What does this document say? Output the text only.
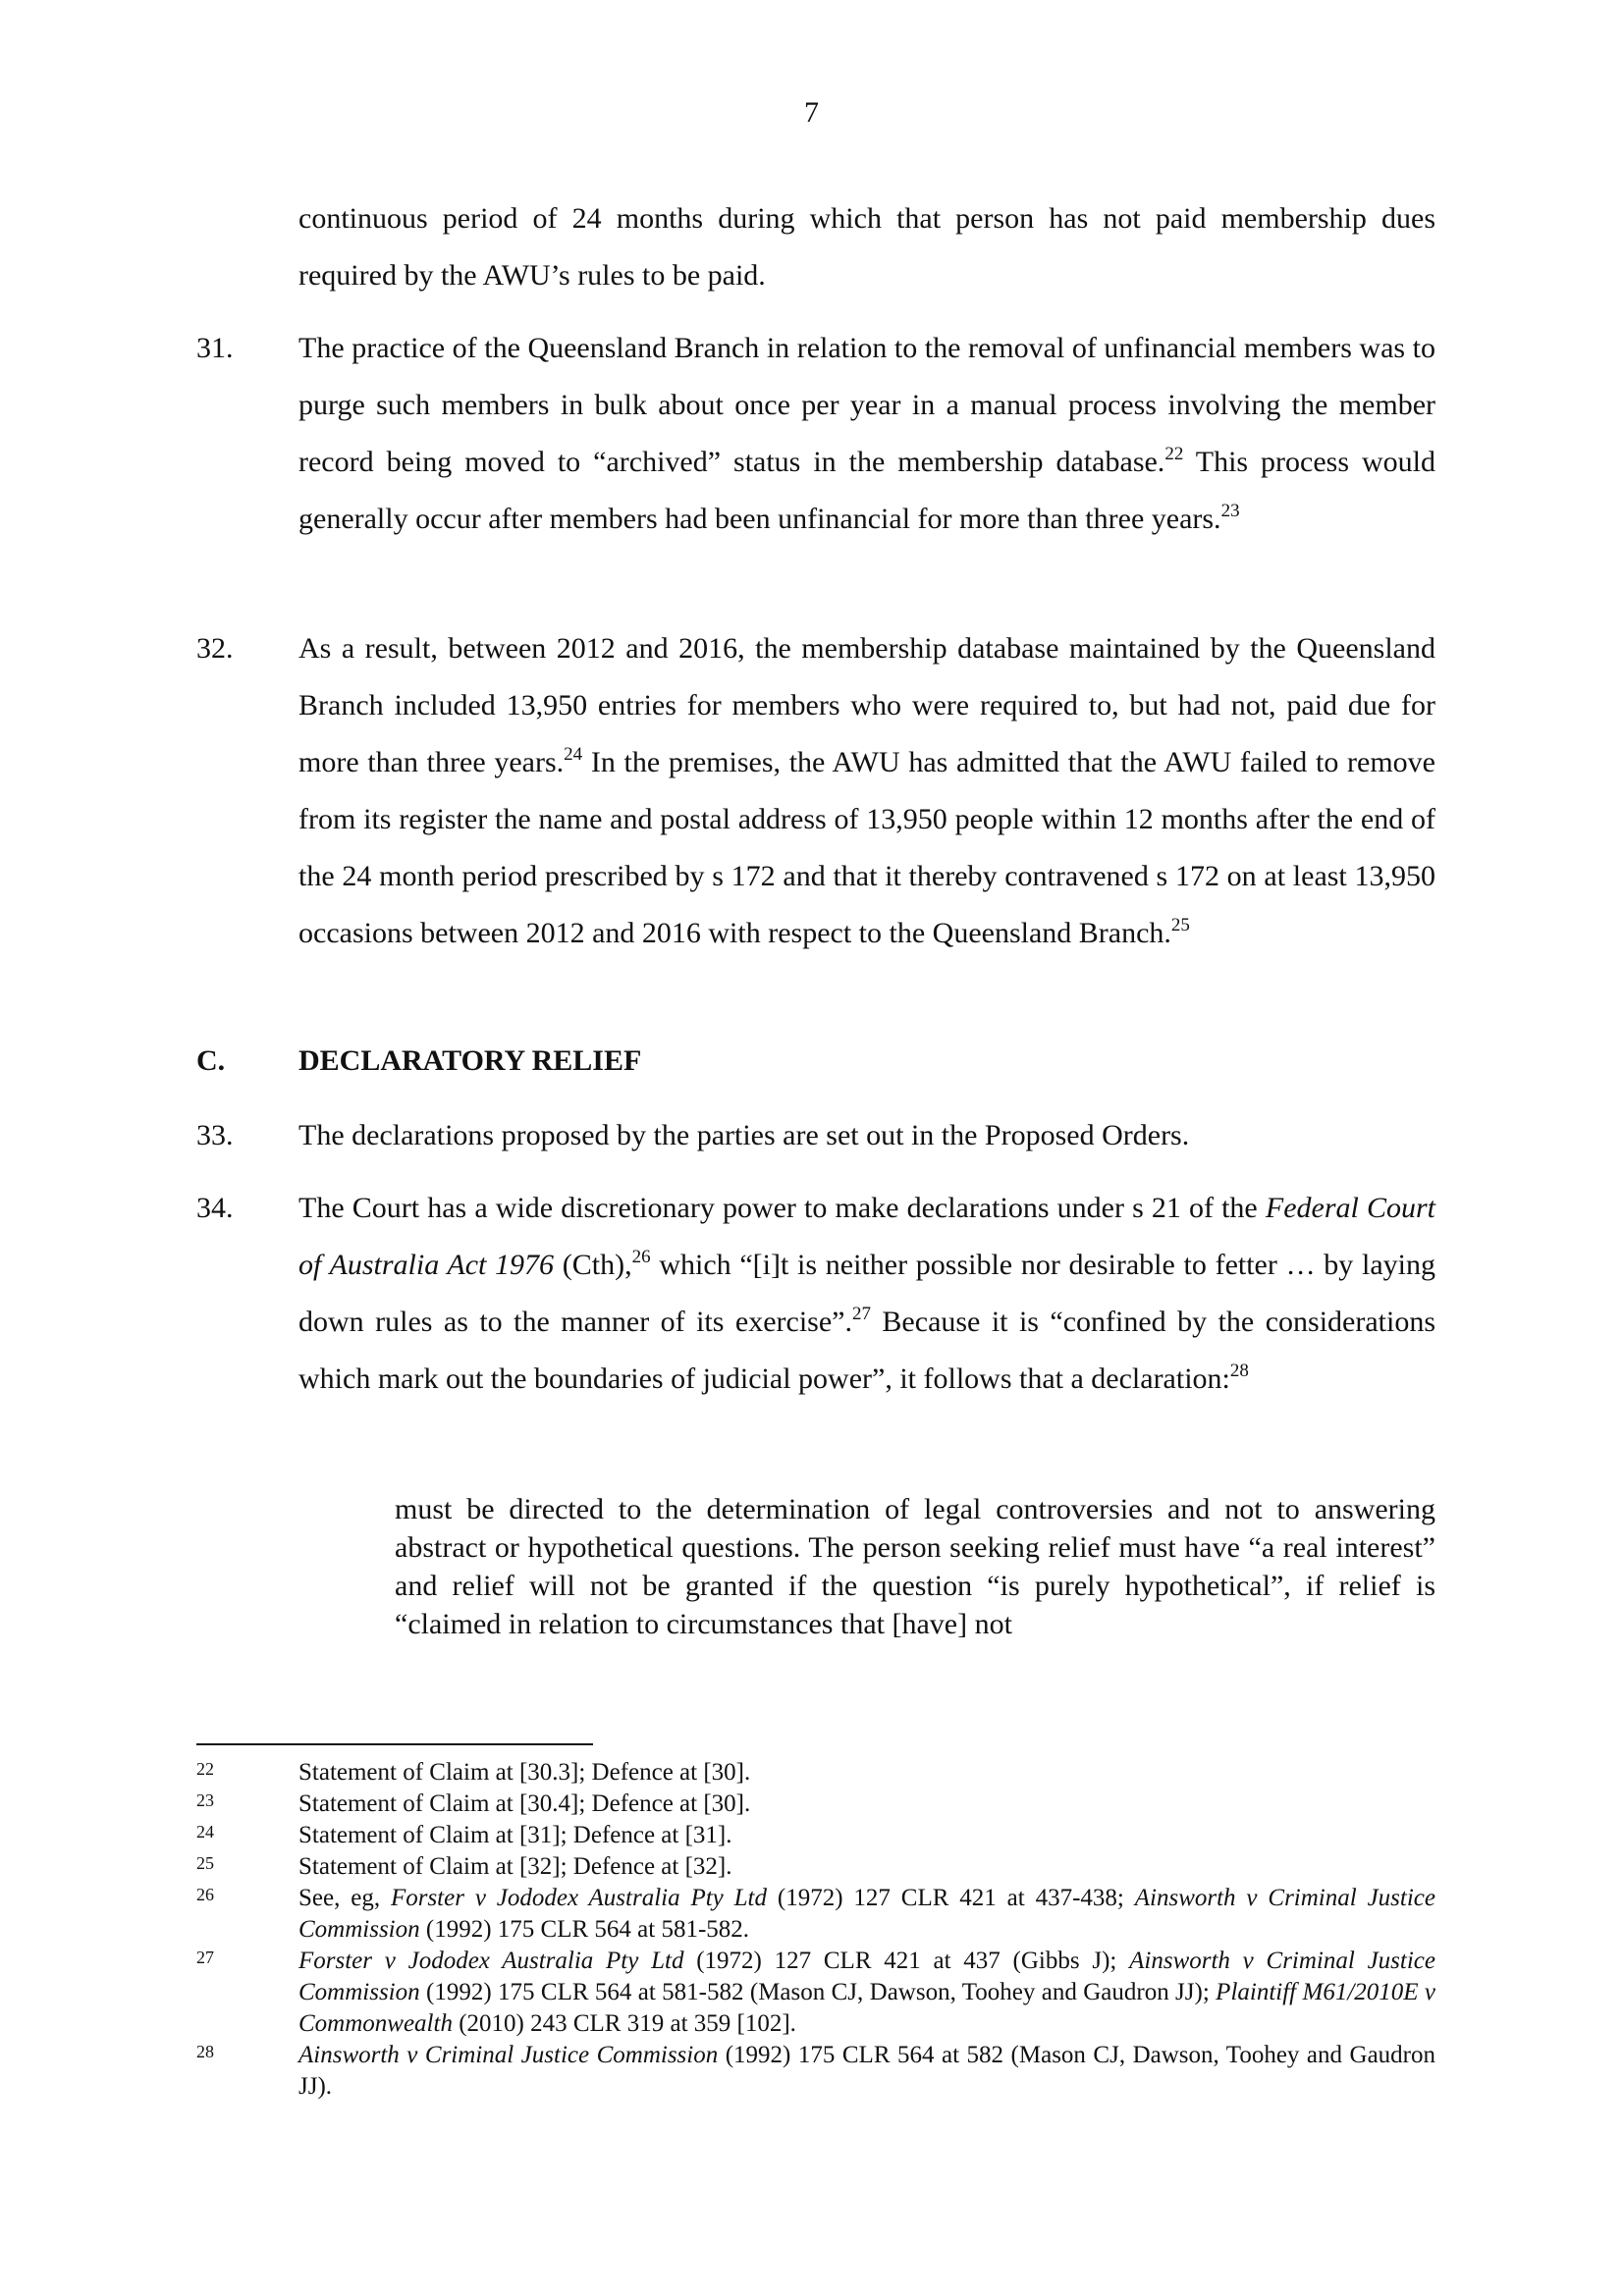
7
continuous period of 24 months during which that person has not paid membership dues required by the AWU’s rules to be paid.
31. The practice of the Queensland Branch in relation to the removal of unfinancial members was to purge such members in bulk about once per year in a manual process involving the member record being moved to “archived” status in the membership database.$^{22}$ This process would generally occur after members had been unfinancial for more than three years.$^{23}$
32. As a result, between 2012 and 2016, the membership database maintained by the Queensland Branch included 13,950 entries for members who were required to, but had not, paid due for more than three years.$^{24}$ In the premises, the AWU has admitted that the AWU failed to remove from its register the name and postal address of 13,950 people within 12 months after the end of the 24 month period prescribed by s 172 and that it thereby contravened s 172 on at least 13,950 occasions between 2012 and 2016 with respect to the Queensland Branch.$^{25}$
C. DECLARATORY RELIEF
33. The declarations proposed by the parties are set out in the Proposed Orders.
34. The Court has a wide discretionary power to make declarations under s 21 of the Federal Court of Australia Act 1976 (Cth),$^{26}$ which “[i]t is neither possible nor desirable to fetter … by laying down rules as to the manner of its exercise”.$^{27}$ Because it is “confined by the considerations which mark out the boundaries of judicial power”, it follows that a declaration:$^{28}$
must be directed to the determination of legal controversies and not to answering abstract or hypothetical questions. The person seeking relief must have “a real interest” and relief will not be granted if the question “is purely hypothetical”, if relief is “claimed in relation to circumstances that [have] not
22	Statement of Claim at [30.3]; Defence at [30].
23	Statement of Claim at [30.4]; Defence at [30].
24	Statement of Claim at [31]; Defence at [31].
25	Statement of Claim at [32]; Defence at [32].
26	See, eg, Forster v Jododex Australia Pty Ltd (1972) 127 CLR 421 at 437-438; Ainsworth v Criminal Justice Commission (1992) 175 CLR 564 at 581-582.
27	Forster v Jododex Australia Pty Ltd (1972) 127 CLR 421 at 437 (Gibbs J); Ainsworth v Criminal Justice Commission (1992) 175 CLR 564 at 581-582 (Mason CJ, Dawson, Toohey and Gaudron JJ); Plaintiff M61/2010E v Commonwealth (2010) 243 CLR 319 at 359 [102].
28	Ainsworth v Criminal Justice Commission (1992) 175 CLR 564 at 582 (Mason CJ, Dawson, Toohey and Gaudron JJ).
